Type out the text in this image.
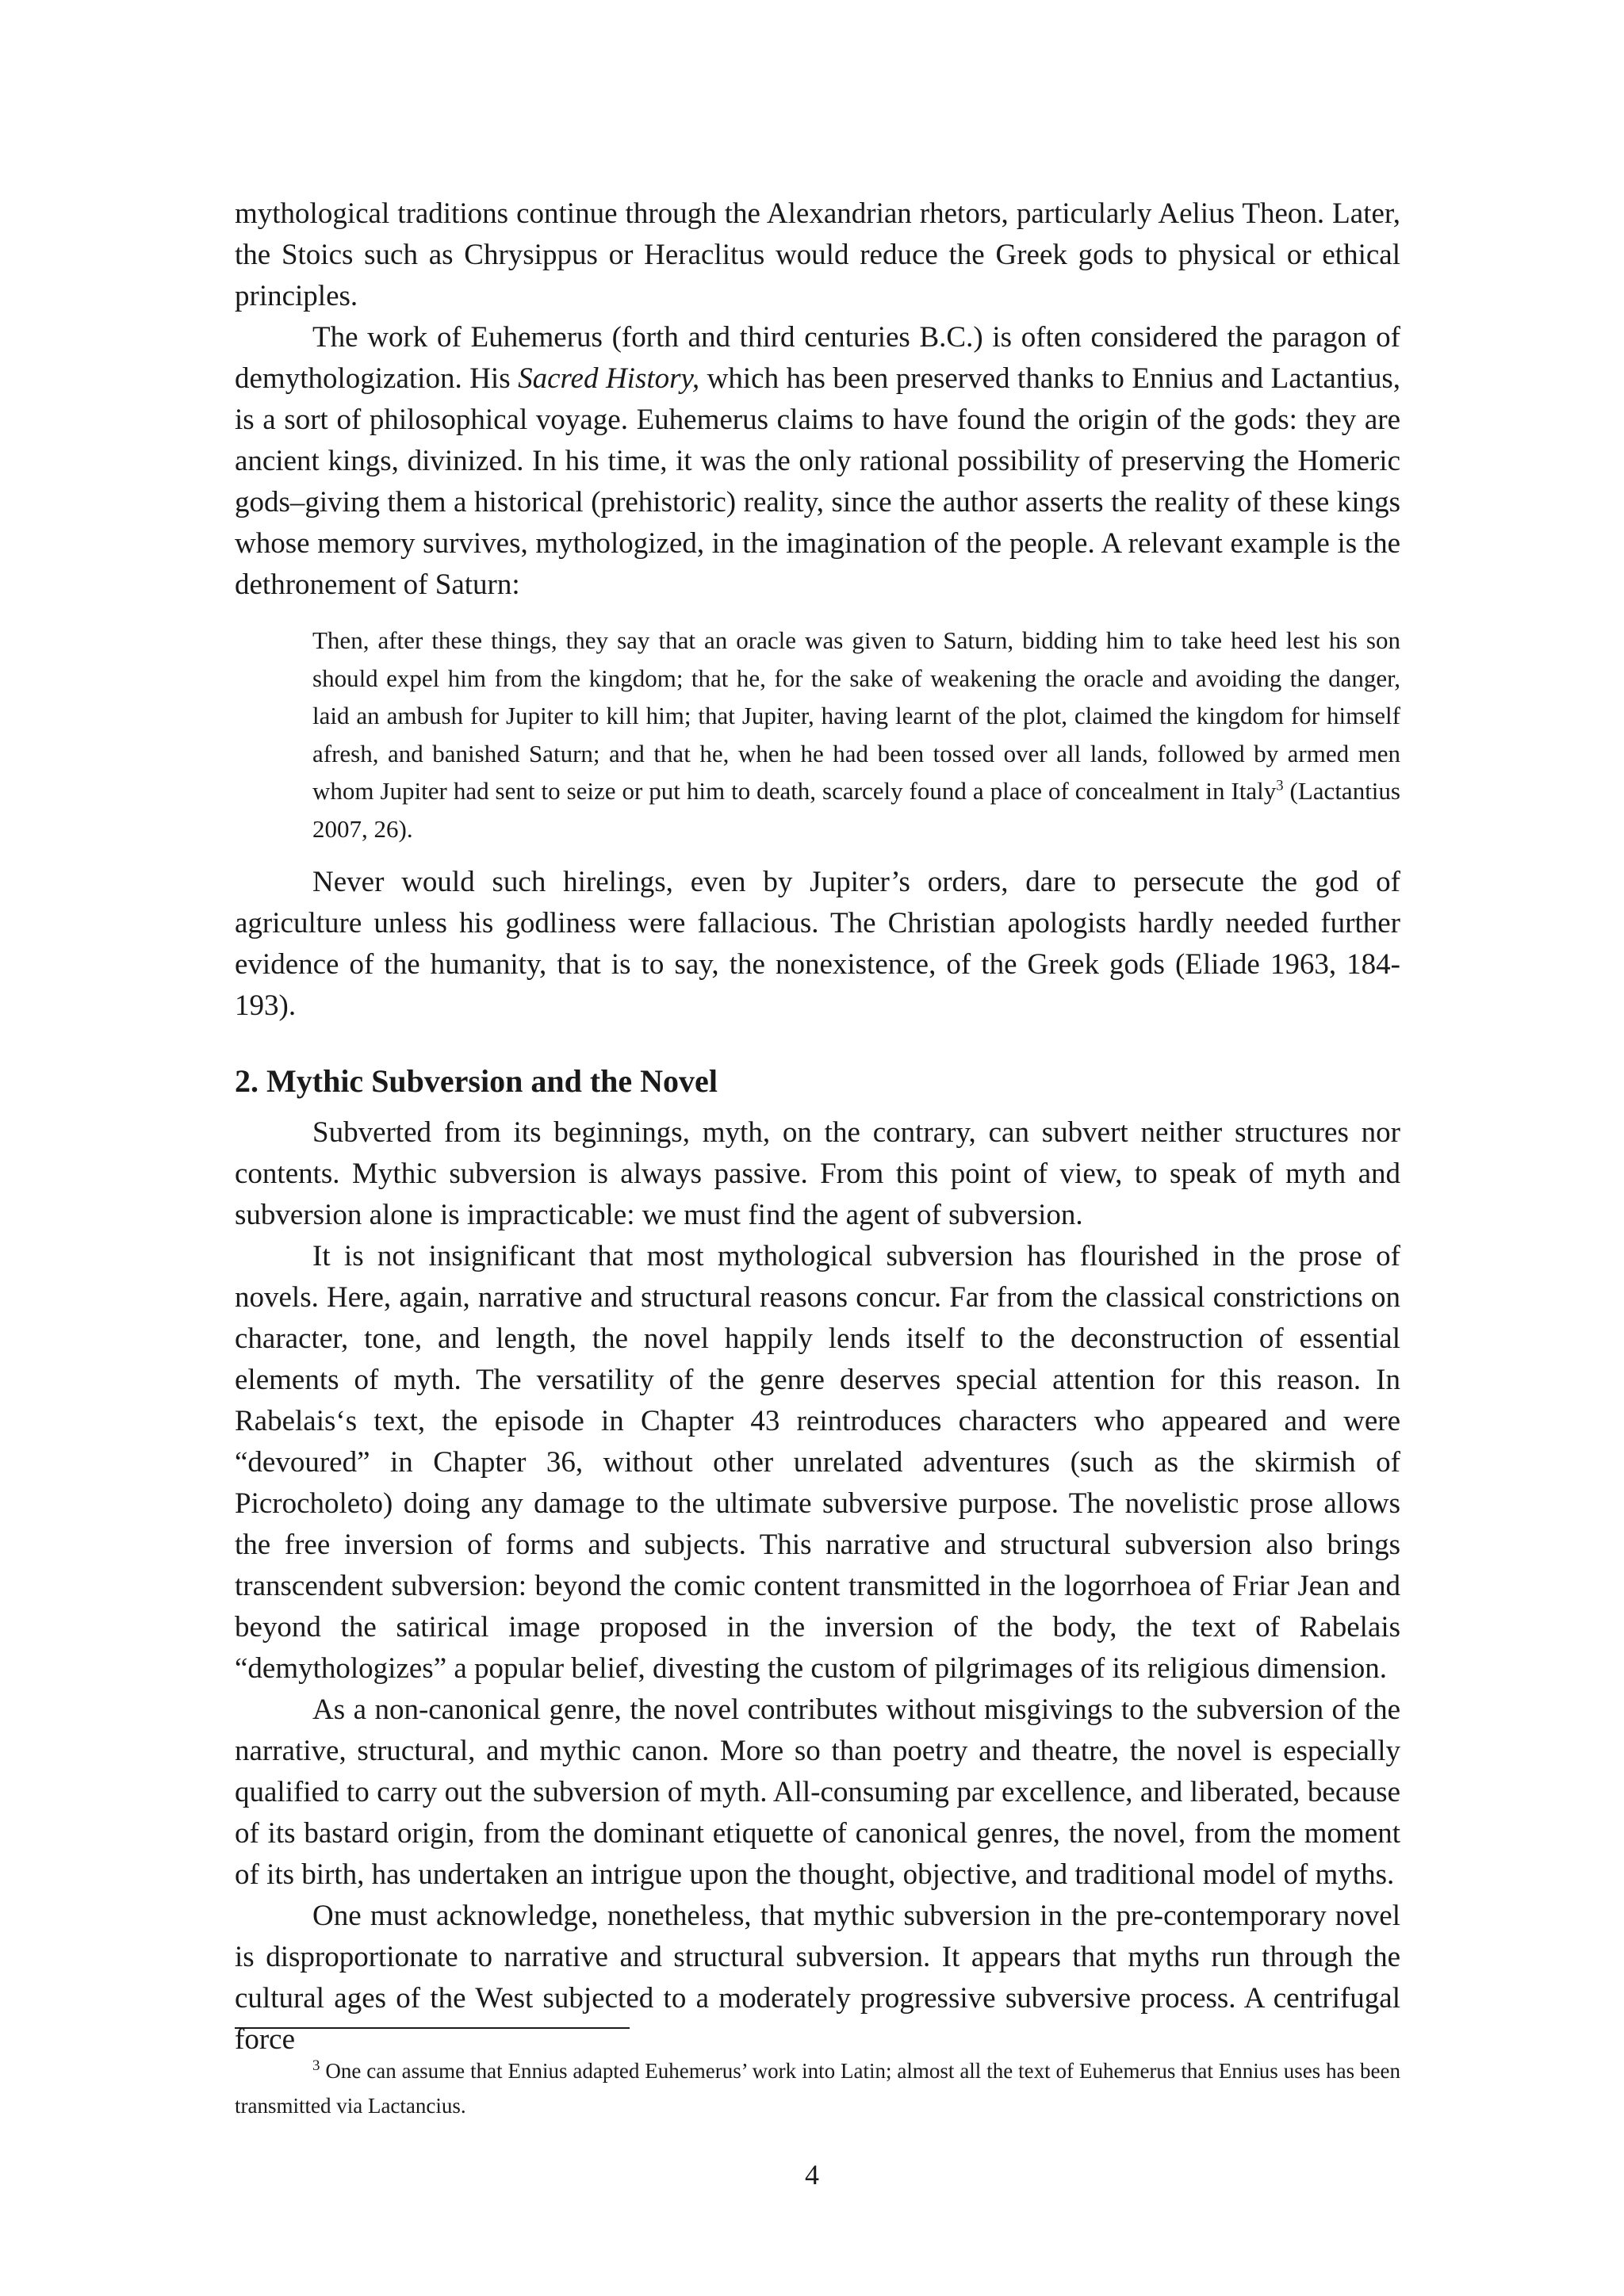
mythological traditions continue through the Alexandrian rhetors, particularly Aelius Theon. Later, the Stoics such as Chrysippus or Heraclitus would reduce the Greek gods to physical or ethical principles.

The work of Euhemerus (forth and third centuries B.C.) is often considered the paragon of demythologization. His Sacred History, which has been preserved thanks to Ennius and Lactantius, is a sort of philosophical voyage. Euhemerus claims to have found the origin of the gods: they are ancient kings, divinized. In his time, it was the only rational possibility of preserving the Homeric gods–giving them a historical (prehistoric) reality, since the author asserts the reality of these kings whose memory survives, mythologized, in the imagination of the people. A relevant example is the dethronement of Saturn:

Then, after these things, they say that an oracle was given to Saturn, bidding him to take heed lest his son should expel him from the kingdom; that he, for the sake of weakening the oracle and avoiding the danger, laid an ambush for Jupiter to kill him; that Jupiter, having learnt of the plot, claimed the kingdom for himself afresh, and banished Saturn; and that he, when he had been tossed over all lands, followed by armed men whom Jupiter had sent to seize or put him to death, scarcely found a place of concealment in Italy$^3$ (Lactantius 2007, 26).

Never would such hirelings, even by Jupiter’s orders, dare to persecute the god of agriculture unless his godliness were fallacious. The Christian apologists hardly needed further evidence of the humanity, that is to say, the nonexistence, of the Greek gods (Eliade 1963, 184-193).

2. Mythic Subversion and the Novel

Subverted from its beginnings, myth, on the contrary, can subvert neither structures nor contents. Mythic subversion is always passive. From this point of view, to speak of myth and subversion alone is impracticable: we must find the agent of subversion.

It is not insignificant that most mythological subversion has flourished in the prose of novels. Here, again, narrative and structural reasons concur. Far from the classical constrictions on character, tone, and length, the novel happily lends itself to the deconstruction of essential elements of myth. The versatility of the genre deserves special attention for this reason. In Rabelais‘s text, the episode in Chapter 43 reintroduces characters who appeared and were “devoured” in Chapter 36, without other unrelated adventures (such as the skirmish of Picrocholeto) doing any damage to the ultimate subversive purpose. The novelistic prose allows the free inversion of forms and subjects. This narrative and structural subversion also brings transcendent subversion: beyond the comic content transmitted in the logorrhoea of Friar Jean and beyond the satirical image proposed in the inversion of the body, the text of Rabelais “demythologizes” a popular belief, divesting the custom of pilgrimages of its religious dimension.

As a non-canonical genre, the novel contributes without misgivings to the subversion of the narrative, structural, and mythic canon. More so than poetry and theatre, the novel is especially qualified to carry out the subversion of myth. All-consuming par excellence, and liberated, because of its bastard origin, from the dominant etiquette of canonical genres, the novel, from the moment of its birth, has undertaken an intrigue upon the thought, objective, and traditional model of myths.

One must acknowledge, nonetheless, that mythic subversion in the pre-contemporary novel is disproportionate to narrative and structural subversion. It appears that myths run through the cultural ages of the West subjected to a moderately progressive subversive process. A centrifugal force

$^3$ One can assume that Ennius adapted Euhemerus’ work into Latin; almost all the text of Euhemerus that Ennius uses has been transmitted via Lactancius.
4
